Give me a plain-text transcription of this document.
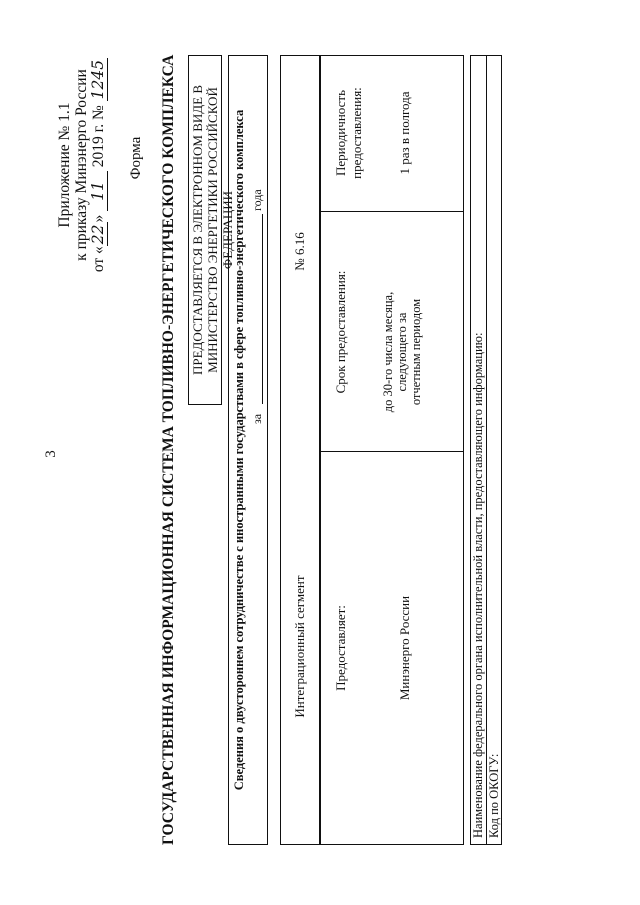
3
Приложение № 1.1 к приказу Минэнерго России от «22» 11 2019 г. № 1245
Форма ГОСУДАРСТВЕННАЯ ИНФОРМАЦИОННАЯ СИСТЕМА ТОПЛИВНО-ЭНЕРГЕТИЧЕСКОГО КОМПЛЕКСА ПРЕДОСТАВЛЯЕТСЯ В ЭЛЕКТРОННОМ ВИДЕ В МИНИСТЕРСТВО ЭНЕРГЕТИКИ РОССИЙСКОЙ ФЕДЕРАЦИИ
Сведения о двустороннем сотрудничестве с иностранными государствами в сфере топливно-энергетического комплекса за
года
Интеграционный сегмент
№ 6.16
Предоставляет:
Срок предоставления:
Периодичность предоставления:
Минэнерго России
до 30-го числа месяца, следующего за отчетным периодом
1 раз в полгода
Наименование федерального органа исполнительной власти, предоставляющего информацию: Код по ОКОГУ:
